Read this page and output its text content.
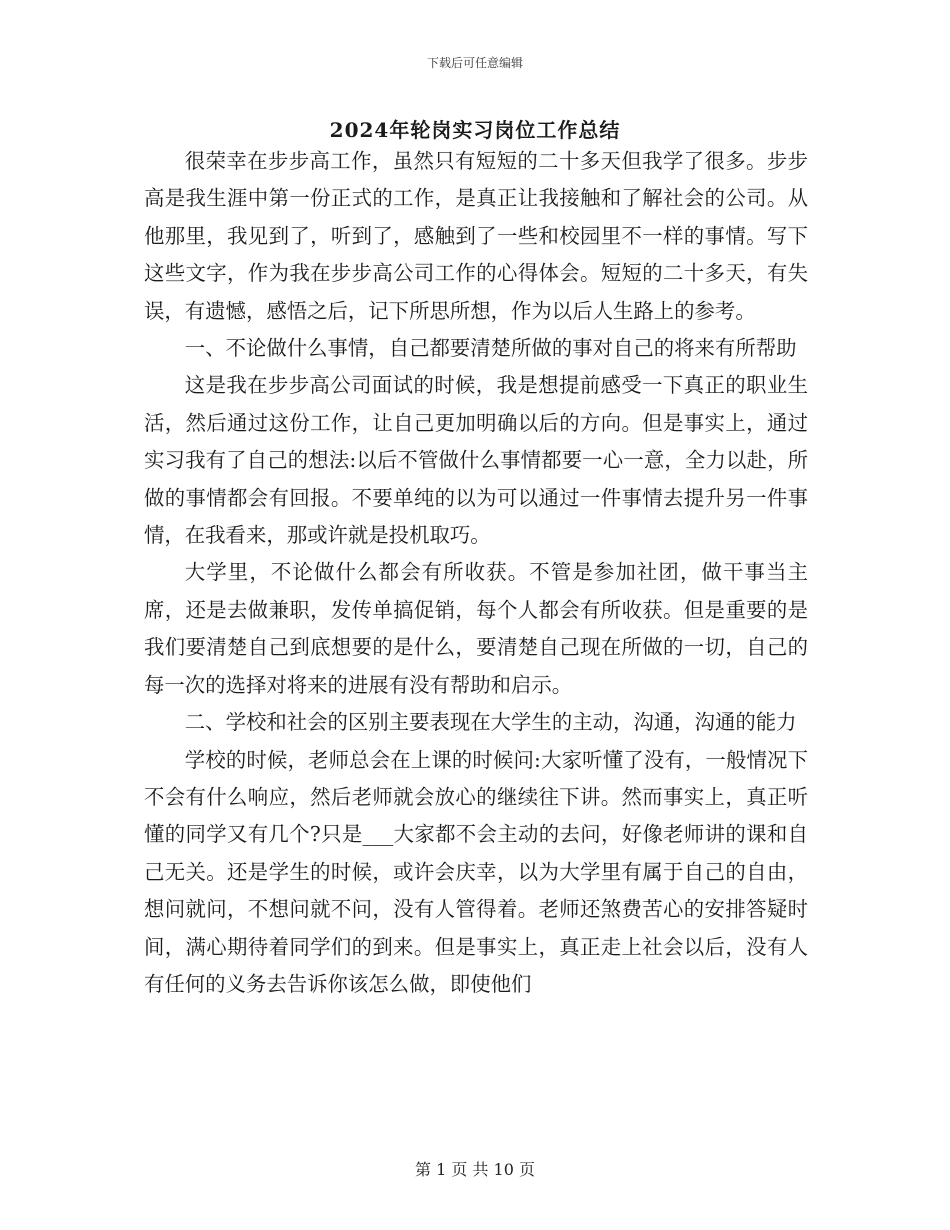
下载后可任意编辑
2024年轮岗实习岗位工作总结

很荣幸在步步高工作，虽然只有短短的二十多天但我学了很多。步步高是我生涯中第一份正式的工作，是真正让我接触和了解社会的公司。从他那里，我见到了，听到了，感触到了一些和校园里不一样的事情。写下这些文字，作为我在步步高公司工作的心得体会。短短的二十多天，有失误，有遗憾，感悟之后，记下所思所想，作为以后人生路上的参考。

一、不论做什么事情，自己都要清楚所做的事对自己的将来有所帮助

这是我在步步高公司面试的时候，我是想提前感受一下真正的职业生活，然后通过这份工作，让自己更加明确以后的方向。但是事实上，通过实习我有了自己的想法:以后不管做什么事情都要一心一意，全力以赴，所做的事情都会有回报。不要单纯的以为可以通过一件事情去提升另一件事情，在我看来，那或许就是投机取巧。

大学里，不论做什么都会有所收获。不管是参加社团，做干事当主席，还是去做兼职，发传单搞促销，每个人都会有所收获。但是重要的是我们要清楚自己到底想要的是什么，要清楚自己现在所做的一切，自己的每一次的选择对将来的进展有没有帮助和启示。

二、学校和社会的区别主要表现在大学生的主动，沟通，沟通的能力

学校的时候，老师总会在上课的时候问:大家听懂了没有，一般情况下不会有什么响应，然后老师就会放心的继续往下讲。然而事实上，真正听懂的同学又有几个?只是___大家都不会主动的去问，好像老师讲的课和自己无关。还是学生的时候，或许会庆幸，以为大学里有属于自己的自由，想问就问，不想问就不问，没有人管得着。老师还煞费苦心的安排答疑时间，满心期待着同学们的到来。但是事实上，真正走上社会以后，没有人有任何的义务去告诉你该怎么做，即使他们

第 1 页 共 10 页
